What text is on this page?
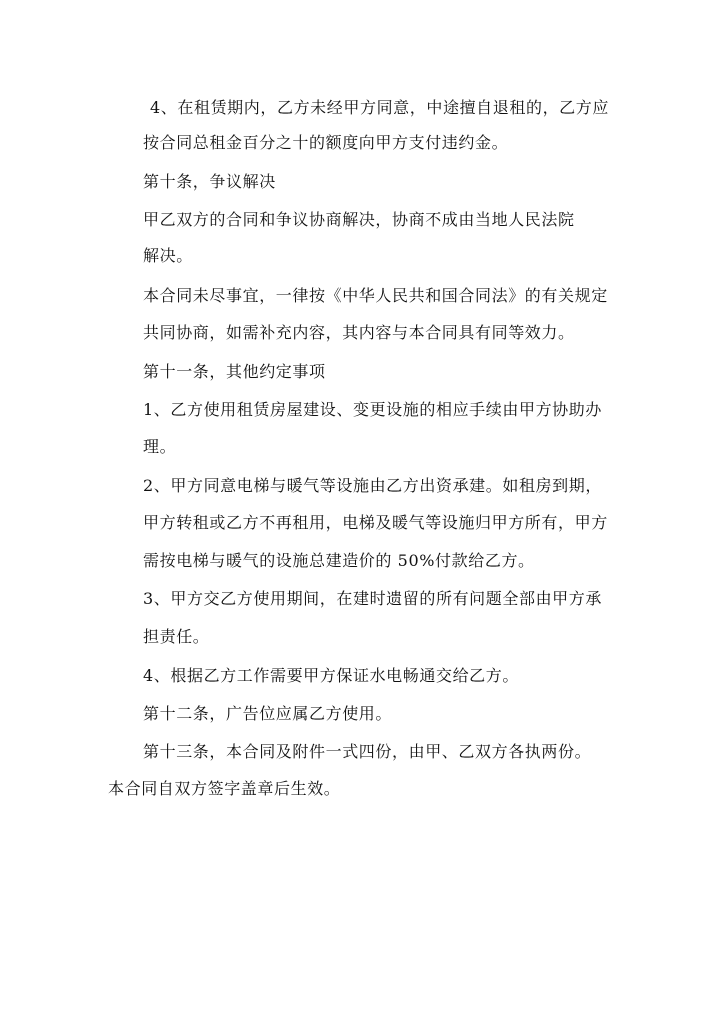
4、在租赁期内，乙方未经甲方同意，中途擅自退租的，乙方应
按合同总租金百分之十的额度向甲方支付违约金。
第十条，争议解决
甲乙双方的合同和争议协商解决，协商不成由当地人民法院
解决。
本合同未尽事宜，一律按《中华人民共和国合同法》的有关规定
共同协商，如需补充内容，其内容与本合同具有同等效力。
第十一条，其他约定事项
1、乙方使用租赁房屋建设、变更设施的相应手续由甲方协助办
理。
2、甲方同意电梯与暖气等设施由乙方出资承建。如租房到期，
甲方转租或乙方不再租用，电梯及暖气等设施归甲方所有，甲方
需按电梯与暖气的设施总建造价的 50%付款给乙方。
3、甲方交乙方使用期间，在建时遗留的所有问题全部由甲方承
担责任。
4、根据乙方工作需要甲方保证水电畅通交给乙方。
第十二条，广告位应属乙方使用。
第十三条，本合同及附件一式四份，由甲、乙双方各执两份。
本合同自双方签字盖章后生效。
